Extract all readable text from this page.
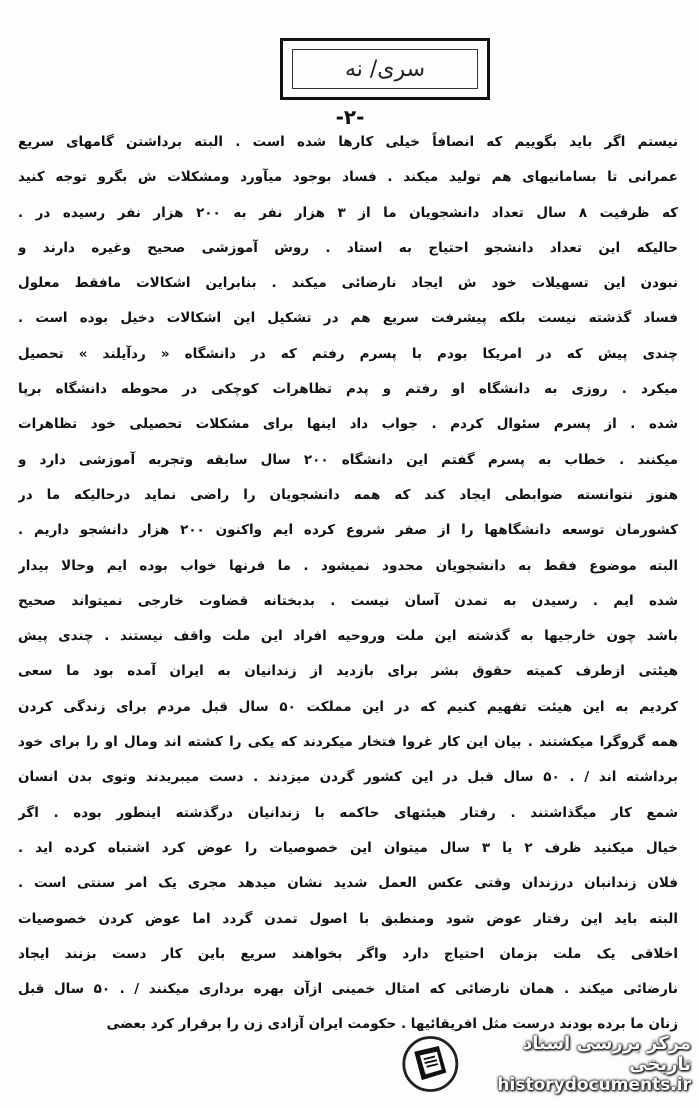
سری/ نه
-۲-
نیستم اگر باید بگوییم که انصافاً خیلی کارها شده است . البته برداشتن گامهای سریع
عمرانی تا بسامانیهای هم تولید میکند . فساد بوجود میآورد ومشکلات ش بگرو توجه کنید
که ظرفیت ۸ سال تعداد دانشجویان ما از ۳ هزار نفر به ۲۰۰ هزار نفر رسیده در .
حالیکه این تعداد دانشجو احتیاج به استاد . روش آموزشی صحیح وغیره دارند و
نبودن این تسهیلات خود ش ایجاد نارضائی میکند . بنابراین اشکالات مافقط معلول
فساد گذشته نیست بلکه پیشرفت سریع هم در تشکیل این اشکالات دخیل بوده است .
چندی پیش که در امریکا بودم با پسرم رفتم که در دانشگاه « ردآیلند » تحصیل
میکرد . روزی به دانشگاه او رفتم و پدم تظاهرات کوچکی در محوطه دانشگاه برپا
شده . از پسرم سئوال کردم . جواب داد اینها برای مشکلات تحصیلی خود تظاهرات
میکنند . خطاب به پسرم گفتم این دانشگاه ۲۰۰ سال سابقه وتجربه آموزشی دارد و
هنوز نتوانسته ضوابطی ایجاد کند که همه دانشجویان را راضی نماید درحالیکه ما در
کشورمان توسعه دانشگاهها را از صفر شروع کرده ایم واکنون ۲۰۰ هزار دانشجو داریم .
البته موضوع فقط به دانشجویان محدود نمیشود . ما قرنها خواب بوده ایم وحالا بیدار
شده ایم . رسیدن به تمدن آسان نیست . بدبختانه قضاوت خارجی نمیتواند صحیح
باشد چون خارجیها به گذشته این ملت وروحیه افراد این ملت واقف نیستند . چندی پیش
هیئتی ازطرف کمیته حقوق بشر برای بازدید از زندانیان به ایران آمده بود ما سعی
کردیم به این هیئت تفهیم کنیم که در این مملکت ۵۰ سال قبل مردم برای زندگی کردن
همه گروگرا میکشتند . بیان این کار غروا فتخار میکردند که یکی را کشته اند ومال او را برای خود
برداشته اند / . ۵۰ سال قبل در این کشور گردن میزدند . دست میبریدند وتوی بدن انسان
شمع کار میگذاشتند . رفتار هیئتهای حاکمه با زندانیان درگذشته اینطور بوده . اگر
خیال میکنید ظرف ۲ یا ۳ سال میتوان این خصوصیات را عوض کرد اشتباه کرده اید .
فلان زندانبان درزندان وقتی عکس العمل شدید نشان میدهد مجری یک امر سنتی است .
البته باید این رفتار عوض شود ومنطبق با اصول تمدن گردد اما عوض کردن خصوصیات
اخلاقی یک ملت بزمان احتیاج دارد واگر بخواهند سریع باین کار دست بزنند ایجاد
نارضائی میکند . همان نارضائی که امثال خمینی ازآن بهره برداری میکنند / . ۵۰ سال قبل
زنان ما برده بودند درست مثل افریقائیها . حکومت ایران آزادی زن را برقرار کرد بعضی
مرکز بررسی اسناد تاریخی
historydocuments.ir
